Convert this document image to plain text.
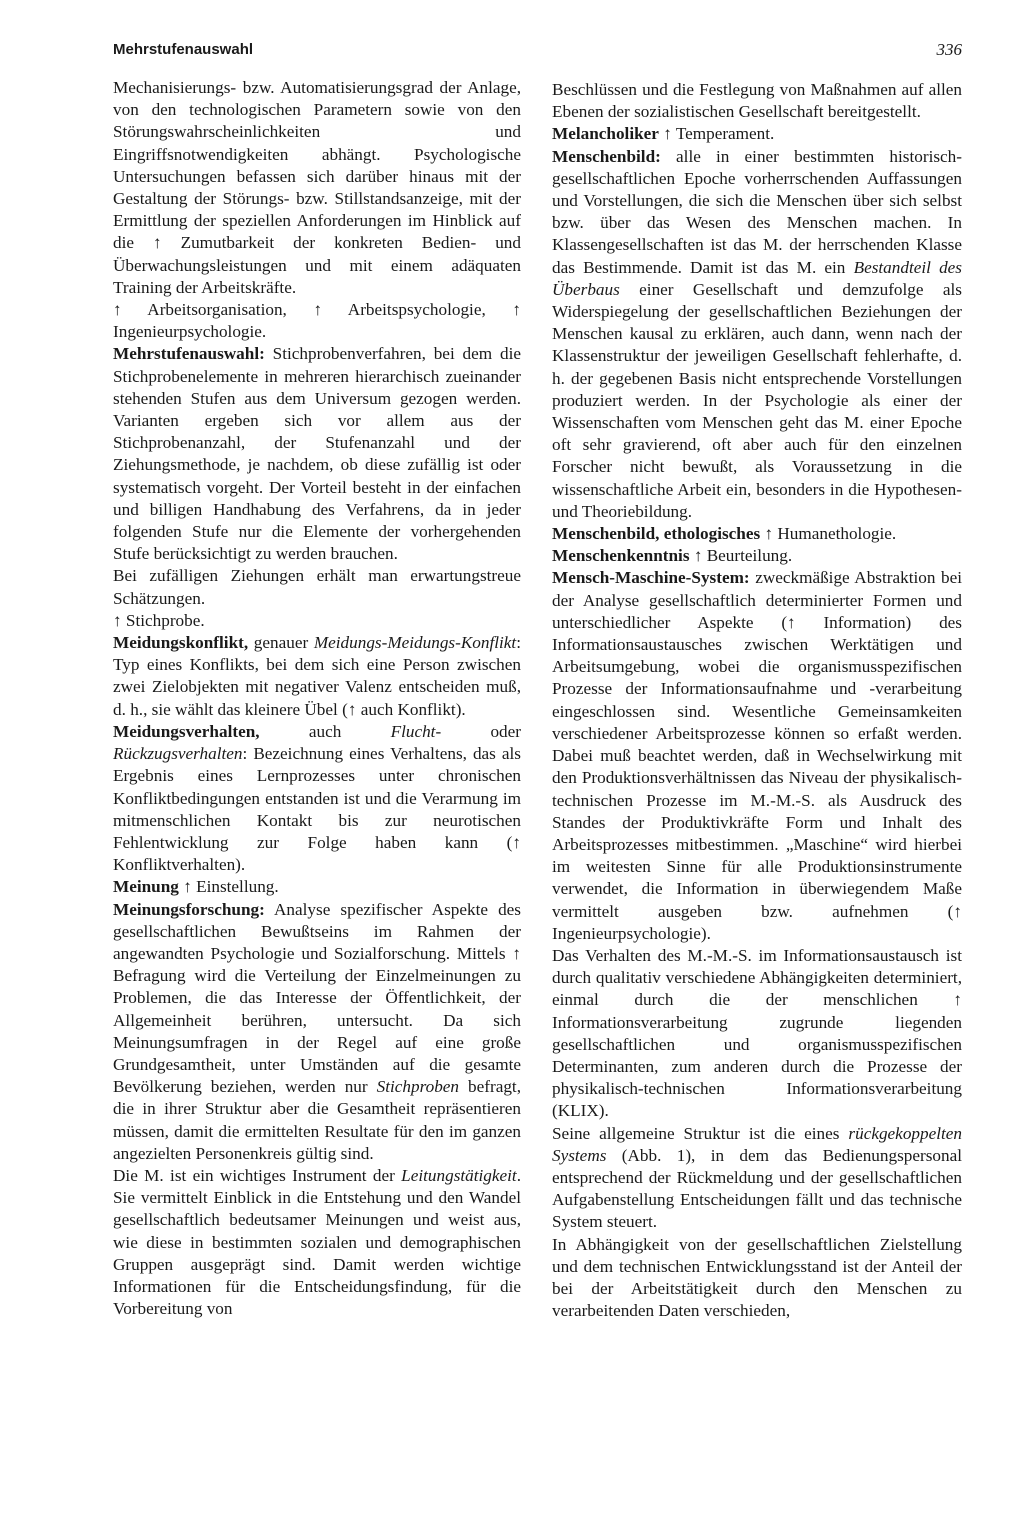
Mehrstufenauswahl	336

Mechanisierungs- bzw. Automatisierungsgrad der Anlage, von den technologischen Parametern sowie von den Störungswahrscheinlichkeiten und Eingriffsnotwendigkeiten abhängt. Psychologische Untersuchungen befassen sich darüber hinaus mit der Gestaltung der Störungs- bzw. Stillstandsanzeige, mit der Ermittlung der speziellen Anforderungen im Hinblick auf die ↑ Zumutbarkeit der konkreten Bedien- und Überwachungsleistungen und mit einem adäquaten Training der Arbeitskräfte.

↑ Arbeitsorganisation, ↑ Arbeitspsychologie, ↑ Ingenieurpsychologie.

Mehrstufenauswahl: Stichprobenverfahren, bei dem die Stichprobenelemente in mehreren hierarchisch zueinander stehenden Stufen aus dem Universum gezogen werden. Varianten ergeben sich vor allem aus der Stichprobenanzahl, der Stufenanzahl und der Ziehungsmethode, je nachdem, ob diese zufällig ist oder systematisch vorgeht. Der Vorteil besteht in der einfachen und billigen Handhabung des Verfahrens, da in jeder folgenden Stufe nur die Elemente der vorhergehenden Stufe berücksichtigt zu werden brauchen.

Bei zufälligen Ziehungen erhält man erwartungstreue Schätzungen.

↑ Stichprobe.

Meidungskonflikt, genauer Meidungs-Meidungs-Konflikt: Typ eines Konflikts, bei dem sich eine Person zwischen zwei Zielobjekten mit negativer Valenz entscheiden muß, d. h., sie wählt das kleinere Übel (↑ auch Konflikt).

Meidungsverhalten, auch Flucht- oder Rückzugsverhalten: Bezeichnung eines Verhaltens, das als Ergebnis eines Lernprozesses unter chronischen Konfliktbedingungen entstanden ist und die Verarmung im mitmenschlichen Kontakt bis zur neurotischen Fehlentwicklung zur Folge haben kann (↑ Konfliktverhalten).

Meinung ↑ Einstellung.

Meinungsforschung: Analyse spezifischer Aspekte des gesellschaftlichen Bewußtseins im Rahmen der angewandten Psychologie und Sozialforschung. Mittels ↑ Befragung wird die Verteilung der Einzelmeinungen zu Problemen, die das Interesse der Öffentlichkeit, der Allgemeinheit berühren, untersucht. Da sich Meinungsumfragen in der Regel auf eine große Grundgesamtheit, unter Umständen auf die gesamte Bevölkerung beziehen, werden nur Stichproben befragt, die in ihrer Struktur aber die Gesamtheit repräsentieren müssen, damit die ermittelten Resultate für den im ganzen angezielten Personenkreis gültig sind.

Die M. ist ein wichtiges Instrument der Leitungstätigkeit. Sie vermittelt Einblick in die Entstehung und den Wandel gesellschaftlich bedeutsamer Meinungen und weist aus, wie diese in bestimmten sozialen und demographischen Gruppen ausgeprägt sind. Damit werden wichtige Informationen für die Entscheidungsfindung, für die Vorbereitung von

Beschlüssen und die Festlegung von Maßnahmen auf allen Ebenen der sozialistischen Gesellschaft bereitgestellt.

Melancholiker ↑ Temperament.

Menschenbild: alle in einer bestimmten historisch-gesellschaftlichen Epoche vorherrschenden Auffassungen und Vorstellungen, die sich die Menschen über sich selbst bzw. über das Wesen des Menschen machen. In Klassengesellschaften ist das M. der herrschenden Klasse das Bestimmende. Damit ist das M. ein Bestandteil des Überbaus einer Gesellschaft und demzufolge als Widerspiegelung der gesellschaftlichen Beziehungen der Menschen kausal zu erklären, auch dann, wenn nach der Klassenstruktur der jeweiligen Gesellschaft fehlerhafte, d. h. der gegebenen Basis nicht entsprechende Vorstellungen produziert werden. In der Psychologie als einer der Wissenschaften vom Menschen geht das M. einer Epoche oft sehr gravierend, oft aber auch für den einzelnen Forscher nicht bewußt, als Voraussetzung in die wissenschaftliche Arbeit ein, besonders in die Hypothesen- und Theoriebildung.

Menschenbild, ethologisches ↑ Humanethologie.

Menschenkenntnis ↑ Beurteilung.

Mensch-Maschine-System: zweckmäßige Abstraktion bei der Analyse gesellschaftlich determinierter Formen und unterschiedlicher Aspekte (↑ Information) des Informationsaustausches zwischen Werktätigen und Arbeitsumgebung, wobei die organismusspezifischen Prozesse der Informationsaufnahme und -verarbeitung eingeschlossen sind. Wesentliche Gemeinsamkeiten verschiedener Arbeitsprozesse können so erfaßt werden. Dabei muß beachtet werden, daß in Wechselwirkung mit den Produktionsverhältnissen das Niveau der physikalisch-technischen Prozesse im M.-M.-S. als Ausdruck des Standes der Produktivkräfte Form und Inhalt des Arbeitsprozesses mitbestimmen. „Maschine“ wird hierbei im weitesten Sinne für alle Produktionsinstrumente verwendet, die Information in überwiegendem Maße vermittelt ausgeben bzw. aufnehmen (↑ Ingenieurpsychologie).

Das Verhalten des M.-M.-S. im Informationsaustausch ist durch qualitativ verschiedene Abhängigkeiten determiniert, einmal durch die der menschlichen ↑ Informationsverarbeitung zugrunde liegenden gesellschaftlichen und organismusspezifischen Determinanten, zum anderen durch die Prozesse der physikalisch-technischen Informationsverarbeitung (KLIX).

Seine allgemeine Struktur ist die eines rückgekoppelten Systems (Abb. 1), in dem das Bedienungspersonal entsprechend der Rückmeldung und der gesellschaftlichen Aufgabenstellung Entscheidungen fällt und das technische System steuert.

In Abhängigkeit von der gesellschaftlichen Zielstellung und dem technischen Entwicklungsstand ist der Anteil der bei der Arbeitstätigkeit durch den Menschen zu verarbeitenden Daten verschieden,
